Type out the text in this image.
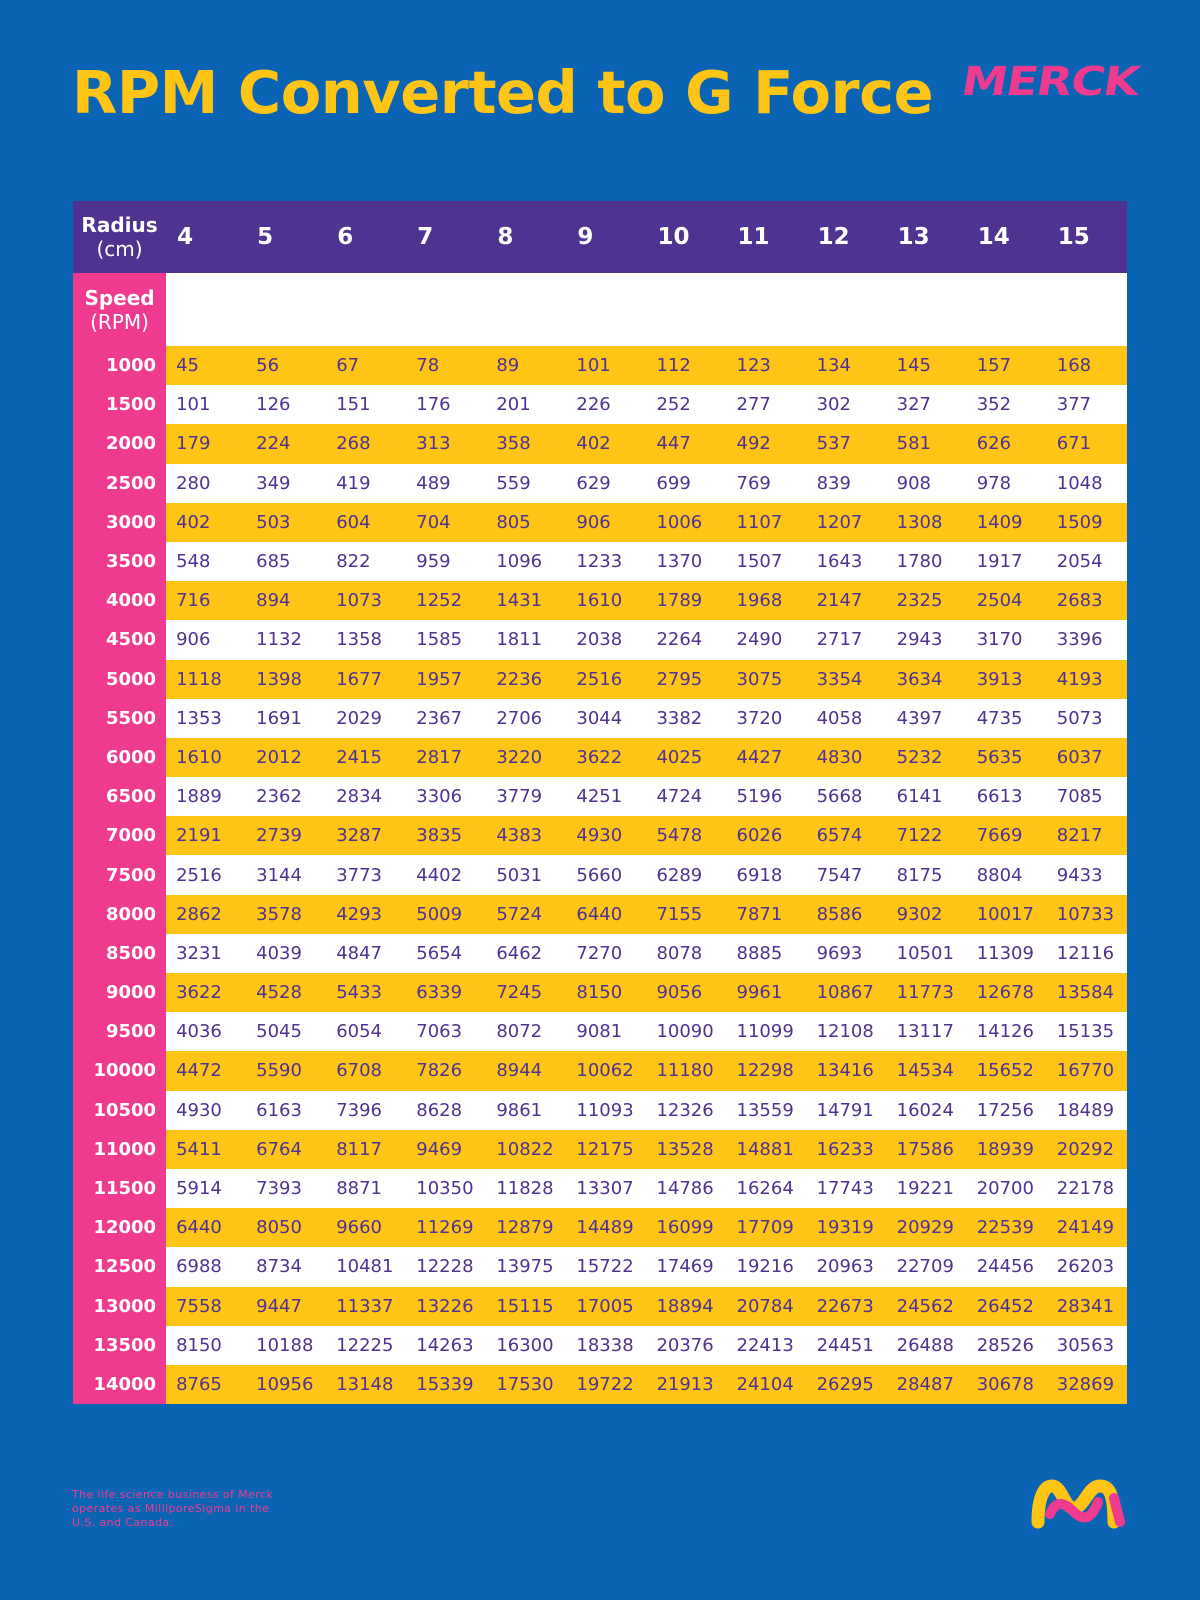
RPM Converted to G Force MERCK
Radius
(cm)	4	5	6	7	8	9	10	11	12	13	14	15
Speed
(RPM)												

1000	45	56	67	78	89	101	112	123	134	145	157	168
1500	101	126	151	176	201	226	252	277	302	327	352	377
2000	179	224	268	313	358	402	447	492	537	581	626	671
2500	280	349	419	489	559	629	699	769	839	908	978	1048
3000	402	503	604	704	805	906	1006	1107	1207	1308	1409	1509
3500	548	685	822	959	1096	1233	1370	1507	1643	1780	1917	2054
4000	716	894	1073	1252	1431	1610	1789	1968	2147	2325	2504	2683
4500	906	1132	1358	1585	1811	2038	2264	2490	2717	2943	3170	3396
5000	1118	1398	1677	1957	2236	2516	2795	3075	3354	3634	3913	4193
5500	1353	1691	2029	2367	2706	3044	3382	3720	4058	4397	4735	5073
6000	1610	2012	2415	2817	3220	3622	4025	4427	4830	5232	5635	6037
6500	1889	2362	2834	3306	3779	4251	4724	5196	5668	6141	6613	7085
7000	2191	2739	3287	3835	4383	4930	5478	6026	6574	7122	7669	8217
7500	2516	3144	3773	4402	5031	5660	6289	6918	7547	8175	8804	9433
8000	2862	3578	4293	5009	5724	6440	7155	7871	8586	9302	10017	10733
8500	3231	4039	4847	5654	6462	7270	8078	8885	9693	10501	11309	12116
9000	3622	4528	5433	6339	7245	8150	9056	9961	10867	11773	12678	13584
9500	4036	5045	6054	7063	8072	9081	10090	11099	12108	13117	14126	15135
10000	4472	5590	6708	7826	8944	10062	11180	12298	13416	14534	15652	16770
10500	4930	6163	7396	8628	9861	11093	12326	13559	14791	16024	17256	18489
11000	5411	6764	8117	9469	10822	12175	13528	14881	16233	17586	18939	20292
11500	5914	7393	8871	10350	11828	13307	14786	16264	17743	19221	20700	22178
12000	6440	8050	9660	11269	12879	14489	16099	17709	19319	20929	22539	24149
12500	6988	8734	10481	12228	13975	15722	17469	19216	20963	22709	24456	26203
13000	7558	9447	11337	13226	15115	17005	18894	20784	22673	24562	26452	28341
13500	8150	10188	12225	14263	16300	18338	20376	22413	24451	26488	28526	30563
14000	8765	10956	13148	15339	17530	19722	21913	24104	26295	28487	30678	32869

The life science business of Merck operates as MilliporeSigma in the U.S. and Canada.
